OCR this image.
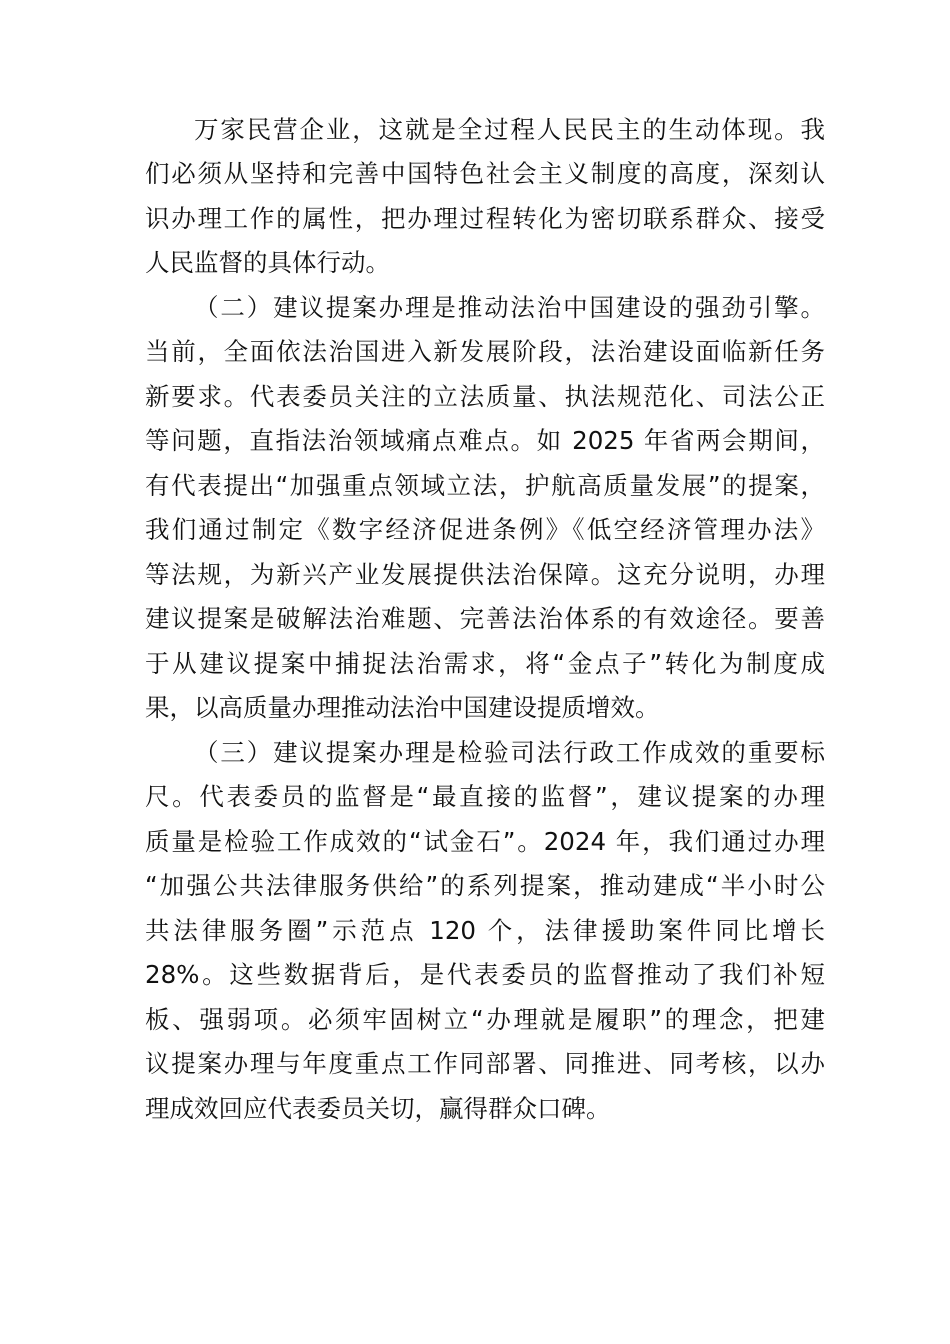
万家民营企业，这就是全过程人民民主的生动体现。我
们必须从坚持和完善中国特色社会主义制度的高度，深刻认
识办理工作的属性，把办理过程转化为密切联系群众、接受
人民监督的具体行动。
（二）建议提案办理是推动法治中国建设的强劲引擎。
当前，全面依法治国进入新发展阶段，法治建设面临新任务
新要求。代表委员关注的立法质量、执法规范化、司法公正
等问题，直指法治领域痛点难点。如 2025 年省两会期间，
有代表提出“加强重点领域立法，护航高质量发展”的提案，
我们通过制定《数字经济促进条例》《低空经济管理办法》
等法规，为新兴产业发展提供法治保障。这充分说明，办理
建议提案是破解法治难题、完善法治体系的有效途径。要善
于从建议提案中捕捉法治需求，将“金点子”转化为制度成
果，以高质量办理推动法治中国建设提质增效。
（三）建议提案办理是检验司法行政工作成效的重要标
尺。代表委员的监督是“最直接的监督”，建议提案的办理
质量是检验工作成效的“试金石”。2024 年，我们通过办理
“加强公共法律服务供给”的系列提案，推动建成“半小时公
共法律服务圈”示范点 120 个，法律援助案件同比增长
28%。这些数据背后，是代表委员的监督推动了我们补短
板、强弱项。必须牢固树立“办理就是履职”的理念，把建
议提案办理与年度重点工作同部署、同推进、同考核，以办
理成效回应代表委员关切，赢得群众口碑。
